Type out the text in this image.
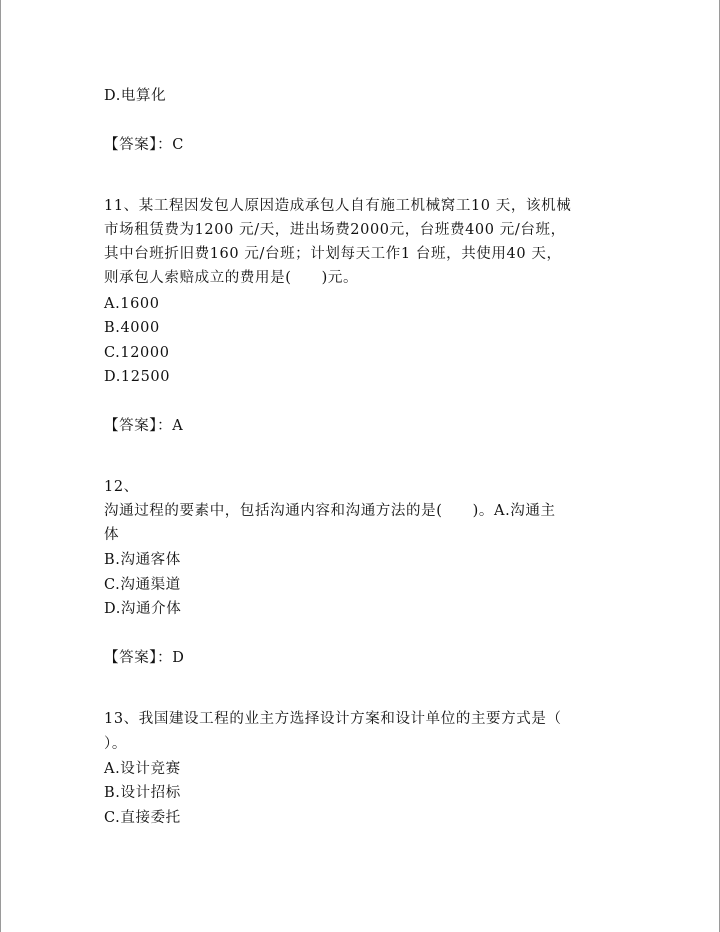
D.电算化
【答案】：C
11、某工程因发包人原因造成承包人自有施工机械窝工10 天，该机械
市场租赁费为1200 元/天，进出场费2000元，台班费400 元/台班，
其中台班折旧费160 元/台班；计划每天工作1 台班，共使用40 天，
则承包人索赔成立的费用是(　　)元。
A.1600
B.4000
C.12000
D.12500
【答案】：A
12、
沟通过程的要素中，包括沟通内容和沟通方法的是(　　)。A.沟通主
体
B.沟通客体
C.沟通渠道
D.沟通介体
【答案】：D
13、我国建设工程的业主方选择设计方案和设计单位的主要方式是（
）。
A.设计竞赛
B.设计招标
C.直接委托
